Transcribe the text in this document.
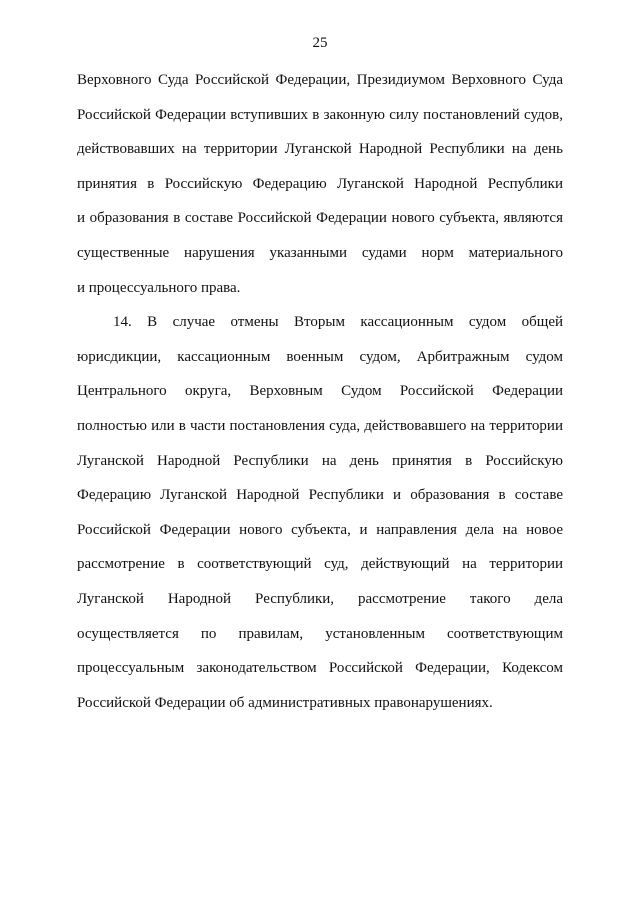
25
Верховного Суда Российской Федерации, Президиумом Верховного Суда
Российской Федерации вступивших в законную силу постановлений судов,
действовавших на территории Луганской Народной Республики на день
принятия в Российскую Федерацию Луганской Народной Республики
и образования в составе Российской Федерации нового субъекта, являются
существенные нарушения указанными судами норм материального
и процессуального права.
14. В случае отмены Вторым кассационным судом общей
юрисдикции, кассационным военным судом, Арбитражным судом
Центрального округа, Верховным Судом Российской Федерации
полностью или в части постановления суда, действовавшего на территории
Луганской Народной Республики на день принятия в Российскую
Федерацию Луганской Народной Республики и образования в составе
Российской Федерации нового субъекта, и направления дела на новое
рассмотрение в соответствующий суд, действующий на территории
Луганской Народной Республики, рассмотрение такого дела
осуществляется по правилам, установленным соответствующим
процессуальным законодательством Российской Федерации, Кодексом
Российской Федерации об административных правонарушениях.
